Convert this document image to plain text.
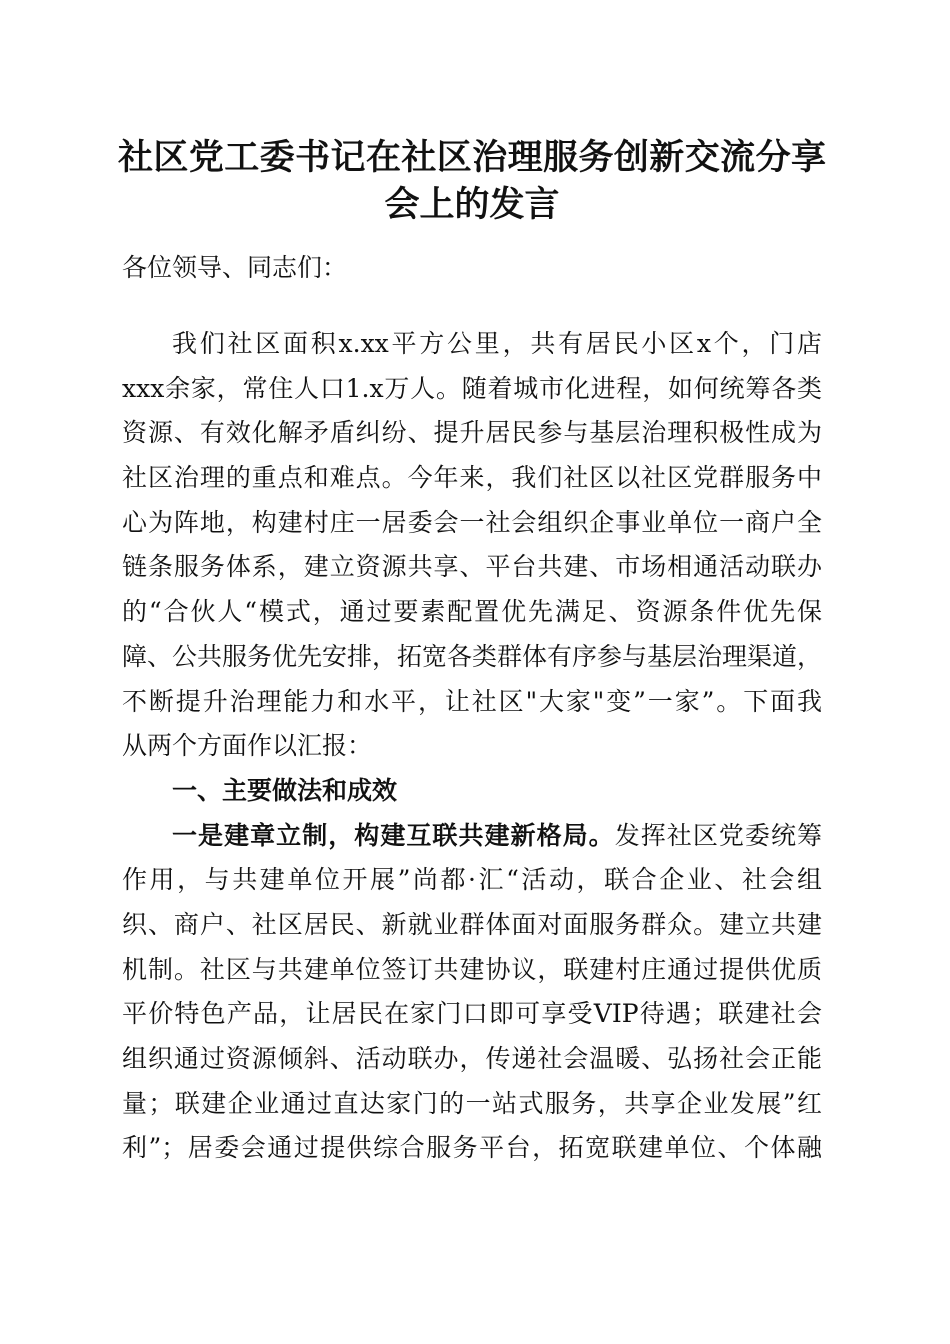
社区党工委书记在社区治理服务创新交流分享
会上的发言
各位领导、同志们：
我们社区面积x.xx平方公里，共有居民小区x个，门店
xxx余家，常住人口1.x万人。随着城市化进程，如何统筹各类
资源、有效化解矛盾纠纷、提升居民参与基层治理积极性成为
社区治理的重点和难点。今年来，我们社区以社区党群服务中
心为阵地，构建村庄一居委会一社会组织企事业单位一商户全
链条服务体系，建立资源共享、平台共建、市场相通活动联办
的“合伙人“模式，通过要素配置优先满足、资源条件优先保
障、公共服务优先安排，拓宽各类群体有序参与基层治理渠道，
不断提升治理能力和水平，让社区"大家"变”一家”。下面我
从两个方面作以汇报：
一、主要做法和成效
一是建章立制，构建互联共建新格局。发挥社区党委统筹
作用，与共建单位开展”尚都·汇“活动，联合企业、社会组
织、商户、社区居民、新就业群体面对面服务群众。建立共建
机制。社区与共建单位签订共建协议，联建村庄通过提供优质
平价特色产品，让居民在家门口即可享受VIP待遇；联建社会
组织通过资源倾斜、活动联办，传递社会温暖、弘扬社会正能
量；联建企业通过直达家门的一站式服务，共享企业发展”红
利”；居委会通过提供综合服务平台，拓宽联建单位、个体融
